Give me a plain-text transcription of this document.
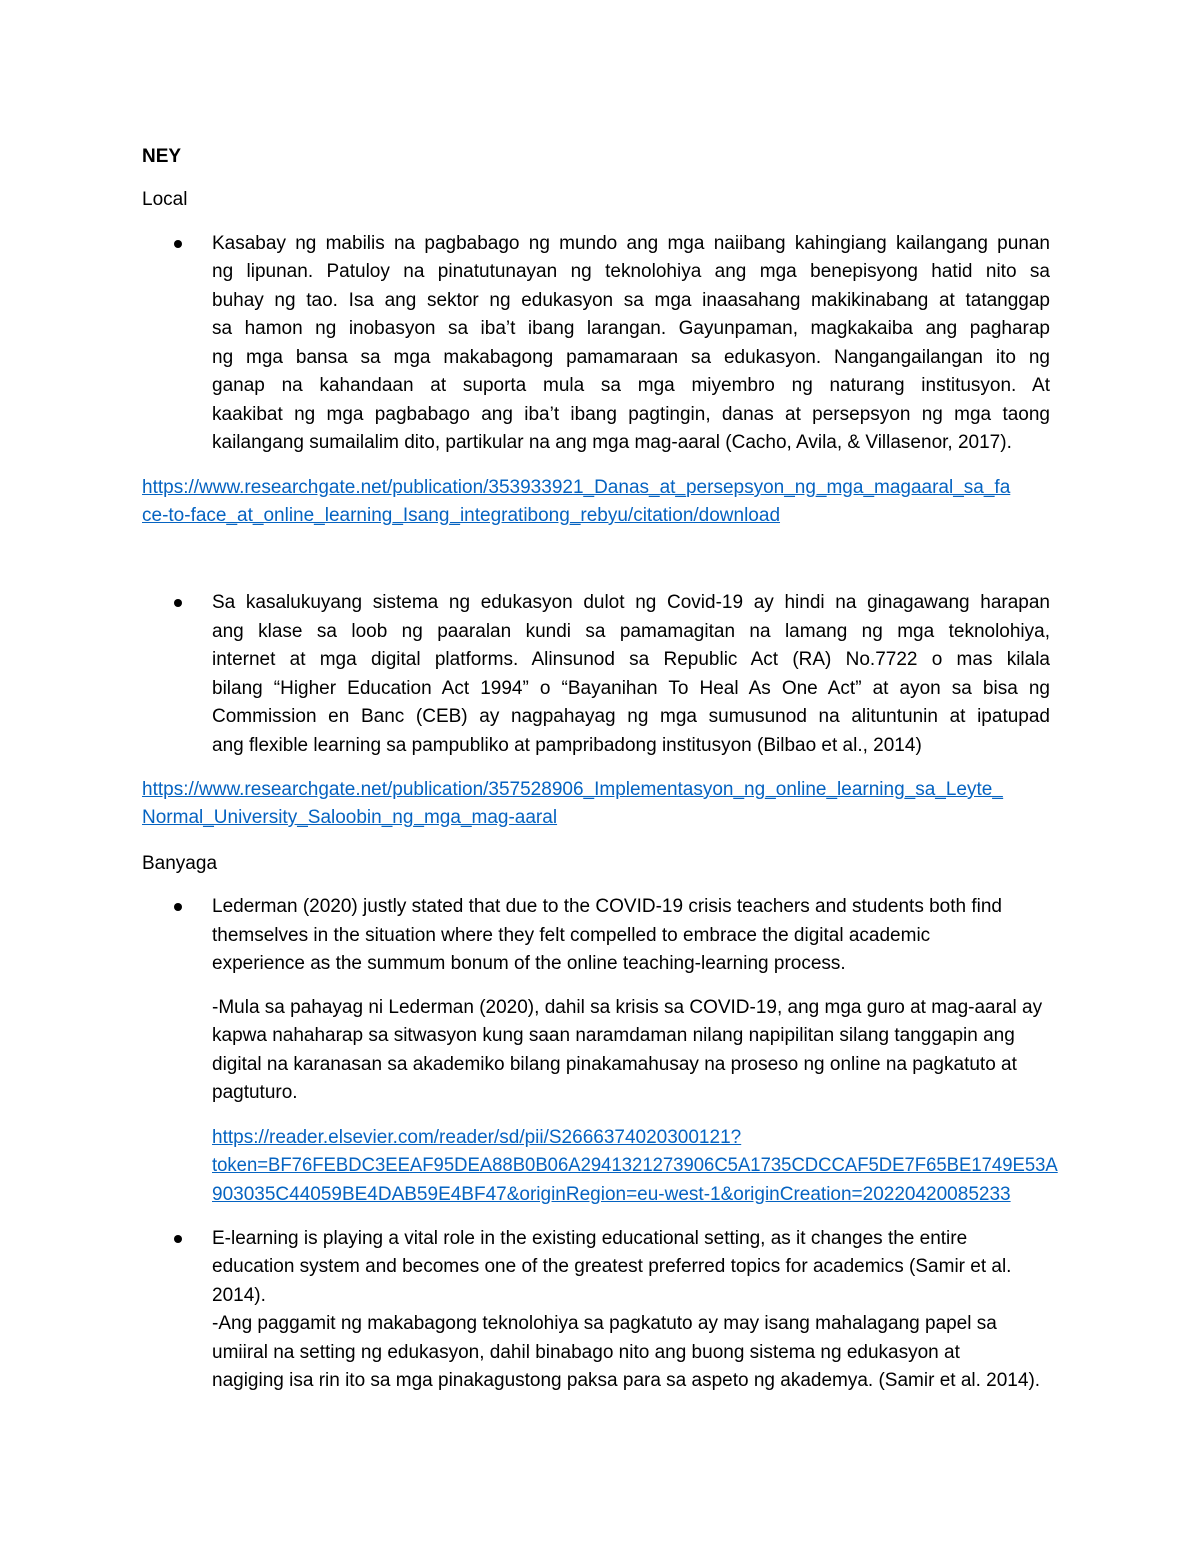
NEY
Local
Kasabay ng mabilis na pagbabago ng mundo ang mga naiibang kahingiang kailangang punan
ng lipunan. Patuloy na pinatutunayan ng teknolohiya ang mga benepisyong hatid nito sa
buhay ng tao. Isa ang sektor ng edukasyon sa mga inaasahang makikinabang at tatanggap
sa hamon ng inobasyon sa iba’t ibang larangan. Gayunpaman, magkakaiba ang pagharap
ng mga bansa sa mga makabagong pamamaraan sa edukasyon. Nangangailangan ito ng
ganap na kahandaan at suporta mula sa mga miyembro ng naturang institusyon. At
kaakibat ng mga pagbabago ang iba’t ibang pagtingin, danas at persepsyon ng mga taong
kailangang sumailalim dito, partikular na ang mga mag-aaral (Cacho, Avila, & Villasenor, 2017).
https://www.researchgate.net/publication/353933921_Danas_at_persepsyon_ng_mga_magaaral_sa_fa
ce-to-face_at_online_learning_Isang_integratibong_rebyu/citation/download
Sa kasalukuyang sistema ng edukasyon dulot ng Covid-19 ay hindi na ginagawang harapan
ang klase sa loob ng paaralan kundi sa pamamagitan na lamang ng mga teknolohiya,
internet at mga digital platforms. Alinsunod sa Republic Act (RA) No.7722 o mas kilala
bilang “Higher Education Act 1994” o “Bayanihan To Heal As One Act” at ayon sa bisa ng
Commission en Banc (CEB) ay nagpahayag ng mga sumusunod na alituntunin at ipatupad
ang flexible learning sa pampubliko at pampribadong institusyon (Bilbao et al., 2014)
https://www.researchgate.net/publication/357528906_Implementasyon_ng_online_learning_sa_Leyte_
Normal_University_Saloobin_ng_mga_mag-aaral
Banyaga
Lederman (2020) justly stated that due to the COVID-19 crisis teachers and students both find
themselves in the situation where they felt compelled to embrace the digital academic
experience as the summum bonum of the online teaching-learning process.
-Mula sa pahayag ni Lederman (2020), dahil sa krisis sa COVID-19, ang mga guro at mag-aaral ay
kapwa nahaharap sa sitwasyon kung saan naramdaman nilang napipilitan silang tanggapin ang
digital na karanasan sa akademiko bilang pinakamahusay na proseso ng online na pagkatuto at
pagtuturo.
https://reader.elsevier.com/reader/sd/pii/S2666374020300121?
token=BF76FEBDC3EEAF95DEA88B0B06A2941321273906C5A1735CDCCAF5DE7F65BE1749E53A
903035C44059BE4DAB59E4BF47&originRegion=eu-west-1&originCreation=20220420085233
E-learning is playing a vital role in the existing educational setting, as it changes the entire
education system and becomes one of the greatest preferred topics for academics (Samir et al.
2014).
-Ang paggamit ng makabagong teknolohiya sa pagkatuto ay may isang mahalagang papel sa
umiiral na setting ng edukasyon, dahil binabago nito ang buong sistema ng edukasyon at
nagiging isa rin ito sa mga pinakagustong paksa para sa aspeto ng akademya. (Samir et al. 2014).
